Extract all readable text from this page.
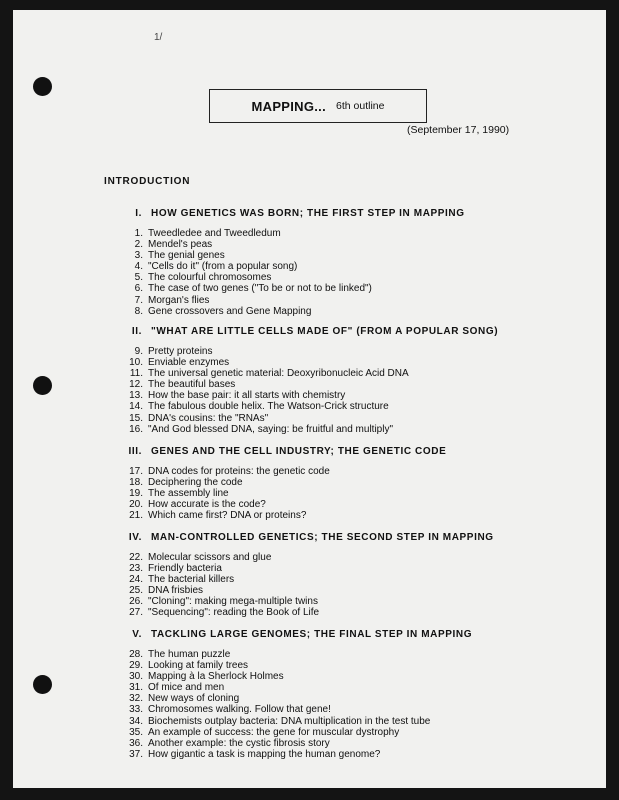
1/
MAPPING... 6th outline
(September 17, 1990)
INTRODUCTION
I. HOW GENETICS WAS BORN; THE FIRST STEP IN MAPPING
1. Tweedledee and Tweedledum
2. Mendel's peas
3. The genial genes
4. "Cells do it" (from a popular song)
5. The colourful chromosomes
6. The case of two genes ("To be or not to be linked")
7. Morgan's flies
8. Gene crossovers and Gene Mapping
II. "WHAT ARE LITTLE CELLS MADE OF" (FROM A POPULAR SONG)
9. Pretty proteins
10. Enviable enzymes
11. The universal genetic material: Deoxyribonucleic Acid DNA
12. The beautiful bases
13. How the base pair: it all starts with chemistry
14. The fabulous double helix. The Watson-Crick structure
15. DNA's cousins: the "RNAs"
16. "And God blessed DNA, saying: be fruitful and multiply"
III. GENES AND THE CELL INDUSTRY; THE GENETIC CODE
17. DNA codes for proteins: the genetic code
18. Deciphering the code
19. The assembly line
20. How accurate is the code?
21. Which came first? DNA or proteins?
IV. MAN-CONTROLLED GENETICS; THE SECOND STEP IN MAPPING
22. Molecular scissors and glue
23. Friendly bacteria
24. The bacterial killers
25. DNA frisbies
26. "Cloning": making mega-multiple twins
27. "Sequencing": reading the Book of Life
V. TACKLING LARGE GENOMES; THE FINAL STEP IN MAPPING
28. The human puzzle
29. Looking at family trees
30. Mapping à la Sherlock Holmes
31. Of mice and men
32. New ways of cloning
33. Chromosomes walking. Follow that gene!
34. Biochemists outplay bacteria: DNA multiplication in the test tube
35. An example of success: the gene for muscular dystrophy
36. Another example: the cystic fibrosis story
37. How gigantic a task is mapping the human genome?
